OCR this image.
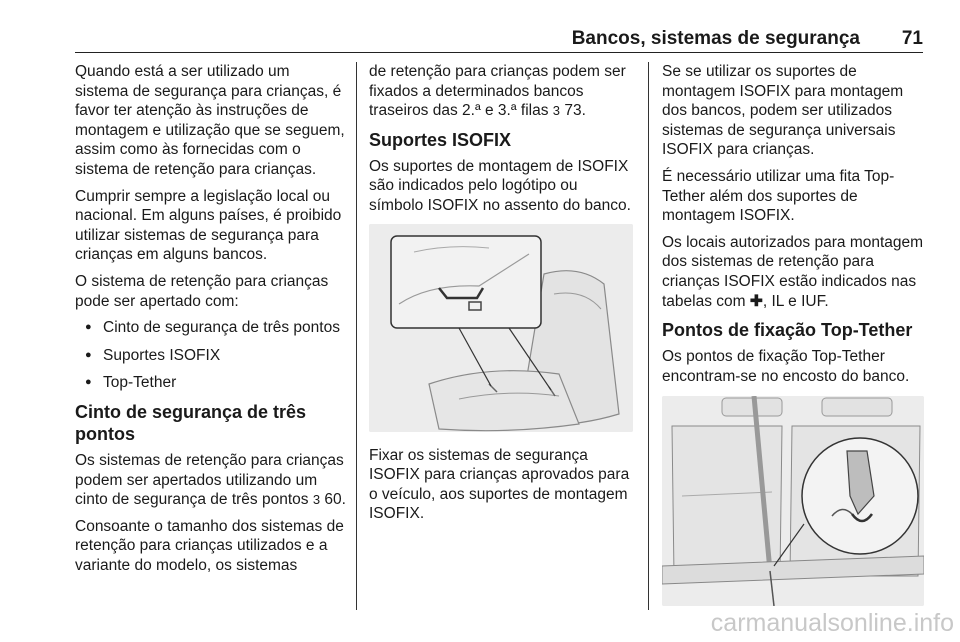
Bancos, sistemas de segurança 71

Quando está a ser utilizado um sistema de segurança para crianças, é favor ter atenção às instruções de montagem e utilização que se seguem, assim como às fornecidas com o sistema de retenção para crianças.

Cumprir sempre a legislação local ou nacional. Em alguns países, é proibido utilizar sistemas de segurança para crianças em alguns bancos.

O sistema de retenção para crianças pode ser apertado com:

● Cinto de segurança de três pontos
● Suportes ISOFIX
● Top-Tether
Cinto de segurança de três pontos

Os sistemas de retenção para crianças podem ser apertados utilizando um cinto de segurança de três pontos 3 60.

Consoante o tamanho dos sistemas de retenção para crianças utilizados e a variante do modelo, os sistemas

de retenção para crianças podem ser fixados a determinados bancos traseiros das 2.ª e 3.ª filas 3 73.

Suportes ISOFIX

Os suportes de montagem de ISOFIX são indicados pelo logótipo ou símbolo ISOFIX no assento do banco.

Fixar os sistemas de segurança ISOFIX para crianças aprovados para o veículo, aos suportes de montagem ISOFIX.

Se se utilizar os suportes de montagem ISOFIX para montagem dos bancos, podem ser utilizados sistemas de segurança universais ISOFIX para crianças.

É necessário utilizar uma fita Top-Tether além dos suportes de montagem ISOFIX.

Os locais autorizados para montagem dos sistemas de retenção para crianças ISOFIX estão indicados nas tabelas com ✚, IL e IUF.

Pontos de fixação Top-Tether

Os pontos de fixação Top-Tether encontram-se no encosto do banco.

carmanualsonline.info
